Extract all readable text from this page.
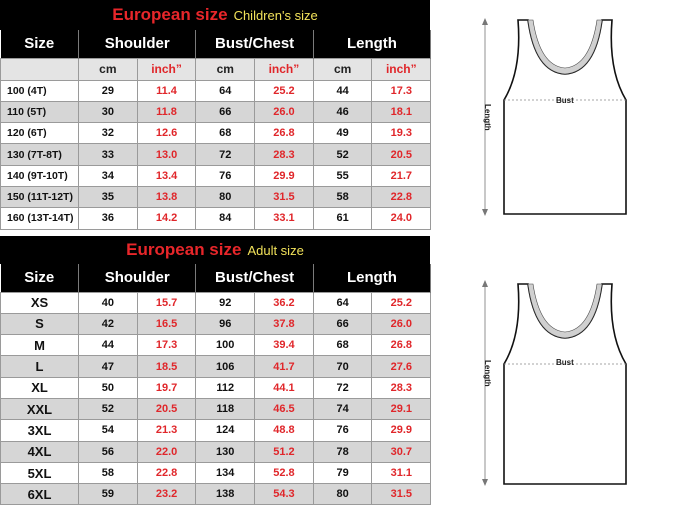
European size Children's size
Size	Shoulder		Bust/Chest		Length	
	cm	inch”	cm	inch”	cm	inch”
100 (4T)	29	11.4	64	25.2	44	17.3
110 (5T)	30	11.8	66	26.0	46	18.1
120 (6T)	32	12.6	68	26.8	49	19.3
130 (7T-8T)	33	13.0	72	28.3	52	20.5
140 (9T-10T)	34	13.4	76	29.9	55	21.7
150 (11T-12T)	35	13.8	80	31.5	58	22.8
160 (13T-14T)	36	14.2	84	33.1	61	24.0
European size Adult size
Size	Shoulder		Bust/Chest		Length	
XS	40	15.7	92	36.2	64	25.2
S	42	16.5	96	37.8	66	26.0
M	44	17.3	100	39.4	68	26.8
L	47	18.5	106	41.7	70	27.6
XL	50	19.7	112	44.1	72	28.3
XXL	52	20.5	118	46.5	74	29.1
3XL	54	21.3	124	48.8	76	29.9
4XL	56	22.0	130	51.2	78	30.7
5XL	58	22.8	134	52.8	79	31.1
6XL	59	23.2	138	54.3	80	31.5
Bust
Length
Bust
Length
